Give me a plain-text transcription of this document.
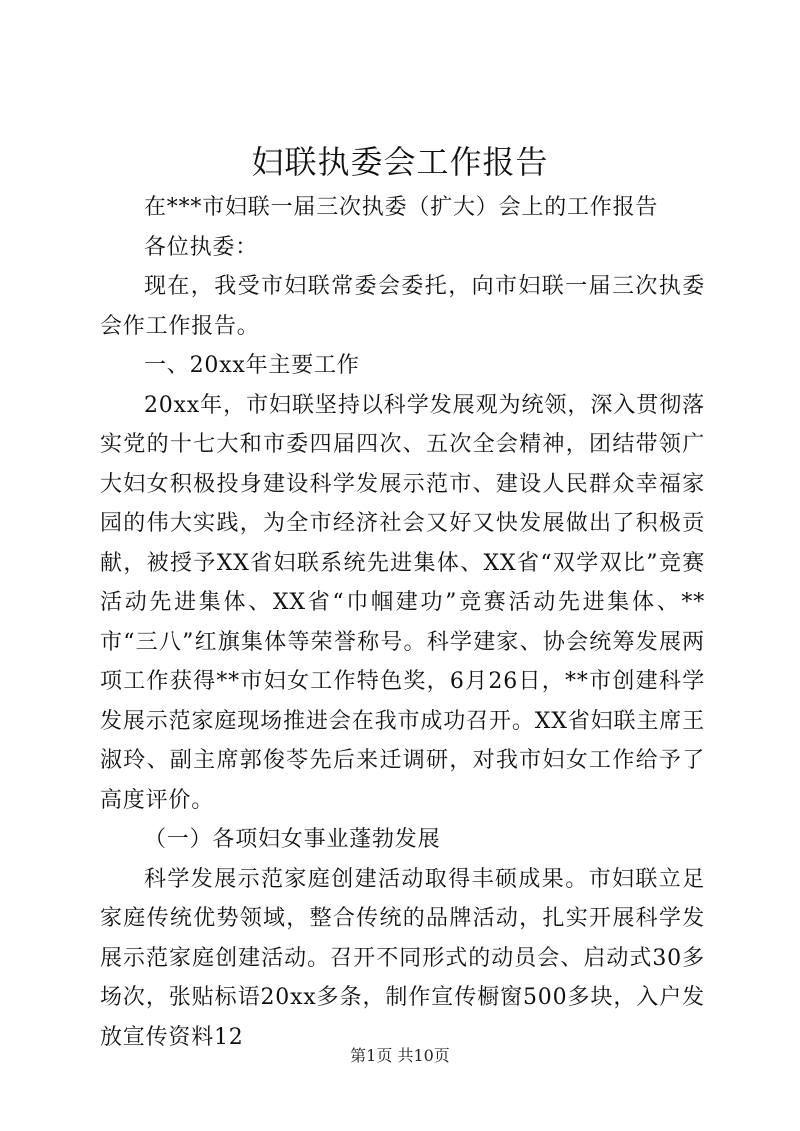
妇联执委会工作报告

在***市妇联一届三次执委（扩大）会上的工作报告

各位执委：

现在，我受市妇联常委会委托，向市妇联一届三次执委会作工作报告。

一、20xx年主要工作

20xx年，市妇联坚持以科学发展观为统领，深入贯彻落实党的十七大和市委四届四次、五次全会精神，团结带领广大妇女积极投身建设科学发展示范市、建设人民群众幸福家园的伟大实践，为全市经济社会又好又快发展做出了积极贡献，被授予XX省妇联系统先进集体、XX省“双学双比”竞赛活动先进集体、XX省“巾帼建功”竞赛活动先进集体、**市“三八”红旗集体等荣誉称号。科学建家、协会统筹发展两项工作获得**市妇女工作特色奖，6月26日，**市创建科学发展示范家庭现场推进会在我市成功召开。XX省妇联主席王淑玲、副主席郭俊苓先后来迁调研，对我市妇女工作给予了高度评价。

（一）各项妇女事业蓬勃发展

科学发展示范家庭创建活动取得丰硕成果。市妇联立足家庭传统优势领域，整合传统的品牌活动，扎实开展科学发展示范家庭创建活动。召开不同形式的动员会、启动式30多场次，张贴标语20xx多条，制作宣传橱窗500多块，入户发放宣传资料12

第1页 共10页
